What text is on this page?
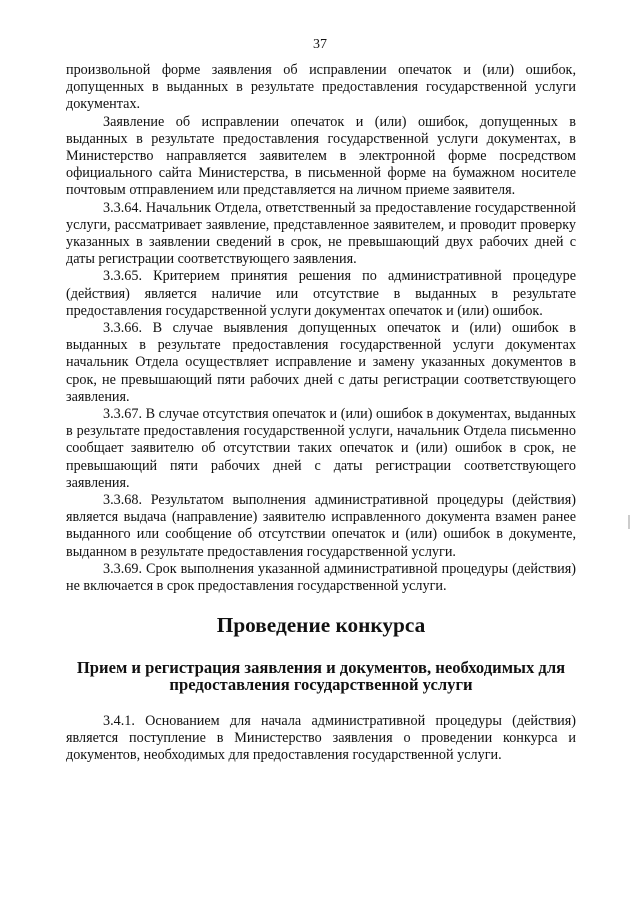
37

произвольной форме заявления об исправлении опечаток и (или) ошибок, допущенных в выданных в результате предоставления государственной услуги документах.

Заявление об исправлении опечаток и (или) ошибок, допущенных в выданных в результате предоставления государственной услуги документах, в Министерство направляется заявителем в электронной форме посредством официального сайта Министерства, в письменной форме на бумажном носителе почтовым отправлением или представляется на личном приеме заявителя.

3.3.64. Начальник Отдела, ответственный за предоставление государственной услуги, рассматривает заявление, представленное заявителем, и проводит проверку указанных в заявлении сведений в срок, не превышающий двух рабочих дней с даты регистрации соответствующего заявления.

3.3.65. Критерием принятия решения по административной процедуре (действия) является наличие или отсутствие в выданных в результате предоставления государственной услуги документах опечаток и (или) ошибок.

3.3.66. В случае выявления допущенных опечаток и (или) ошибок в выданных в результате предоставления государственной услуги документах начальник Отдела осуществляет исправление и замену указанных документов в срок, не превышающий пяти рабочих дней с даты регистрации соответствующего заявления.

3.3.67. В случае отсутствия опечаток и (или) ошибок в документах, выданных в результате предоставления государственной услуги, начальник Отдела письменно сообщает заявителю об отсутствии таких опечаток и (или) ошибок в срок, не превышающий пяти рабочих дней с даты регистрации соответствующего заявления.

3.3.68. Результатом выполнения административной процедуры (действия) является выдача (направление) заявителю исправленного документа взамен ранее выданного или сообщение об отсутствии опечаток и (или) ошибок в документе, выданном в результате предоставления государственной услуги.

3.3.69. Срок выполнения указанной административной процедуры (действия) не включается в срок предоставления государственной услуги.

Проведение конкурса
Прием и регистрация заявления и документов, необходимых для предоставления государственной услуги

3.4.1. Основанием для начала административной процедуры (действия) является поступление в Министерство заявления о проведении конкурса и документов, необходимых для предоставления государственной услуги.
